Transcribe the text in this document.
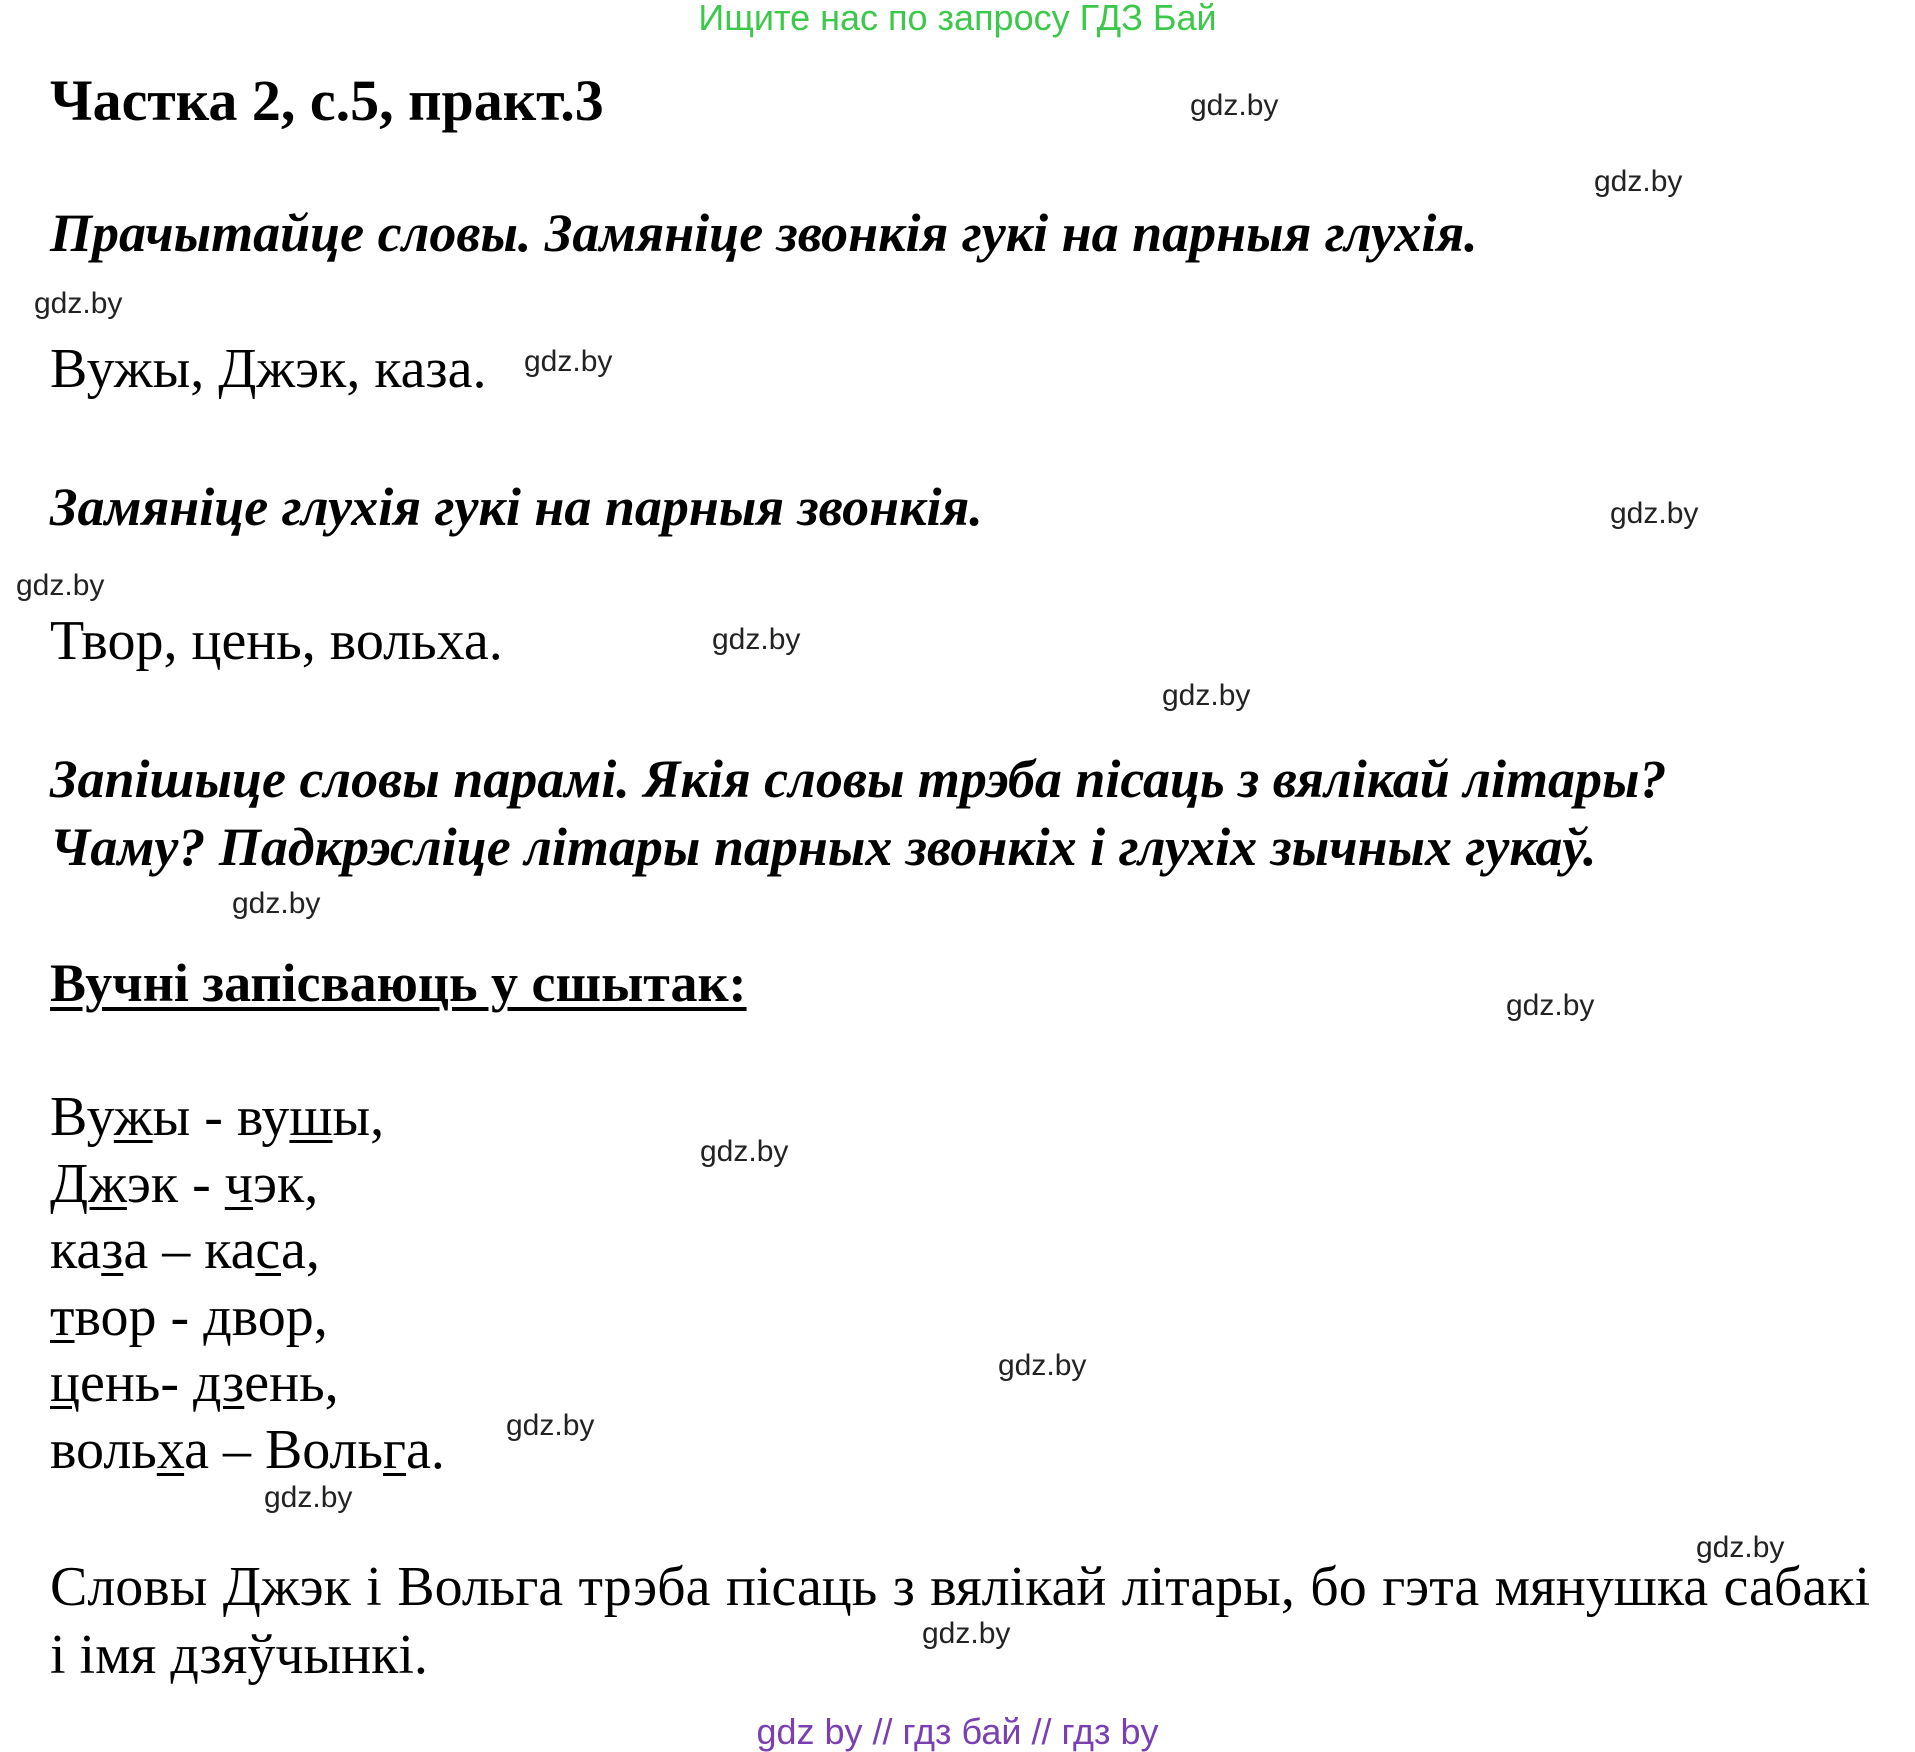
Ищите нас по запросу ГДЗ Бай
Частка 2, с.5, практ.3
Прачытайце словы. Замяніце звонкія гукі на парныя глухія.
Вужы, Джэк, каза.
Замяніце глухія гукі на парныя звонкія.
Твор, цень, вольха.
Запішыце словы парамі. Якія словы трэба пісаць з вялікай літары?
Чаму? Падкрэсліце літары парных звонкіх і глухіх зычных гукаў.
Вучні запісваюць у сшытак:
Вужы - вушы,
Джэк - чэк,
каза – каса,
твор - двор,
цень- дзень,
вольха – Вольга.
Словы Джэк і Вольга трэба пісаць з вялікай літары, бо гэта мянушка сабакі і імя дзяўчынкі.
gdz.by
gdz.by
gdz.by
gdz.by
gdz.by
gdz.by
gdz.by
gdz.by
gdz.by
gdz.by
gdz.by
gdz.by
gdz.by
gdz.by
gdz.by
gdz.by
gdz by // гдз бай // гдз by
